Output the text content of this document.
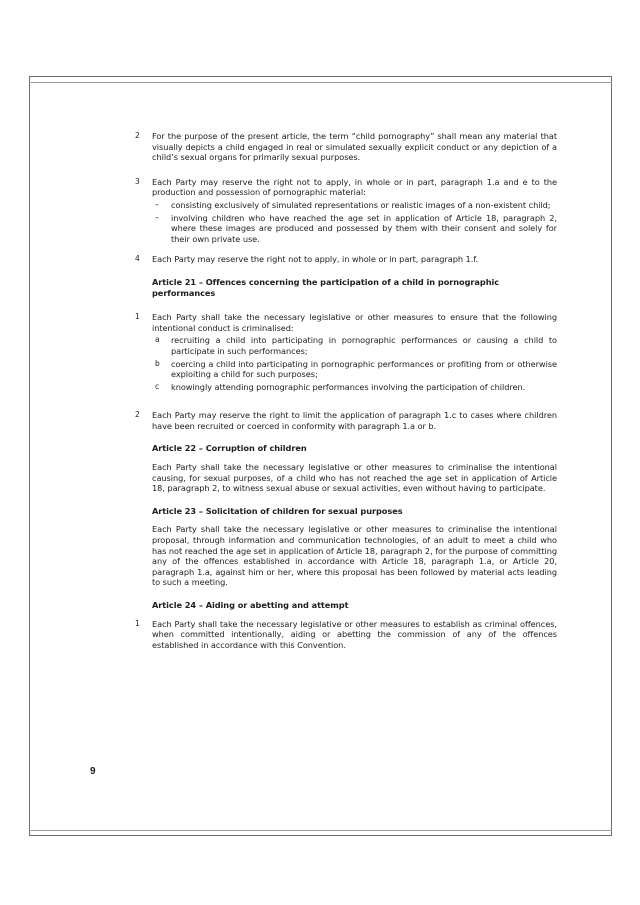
2 For the purpose of the present article, the term “child pornography” shall mean any material that visually depicts a child engaged in real or simulated sexually explicit conduct or any depiction of a child’s sexual organs for primarily sexual purposes.
3 Each Party may reserve the right not to apply, in whole or in part, paragraph 1.a and e to the production and possession of pornographic material:
– consisting exclusively of simulated representations or realistic images of a non-existent child;
– involving children who have reached the age set in application of Article 18, paragraph 2, where these images are produced and possessed by them with their consent and solely for their own private use.
4 Each Party may reserve the right not to apply, in whole or in part, paragraph 1.f.
Article 21 – Offences concerning the participation of a child in pornographic performances
1 Each Party shall take the necessary legislative or other measures to ensure that the following intentional conduct is criminalised:
a recruiting a child into participating in pornographic performances or causing a child to participate in such performances;
b coercing a child into participating in pornographic performances or profiting from or otherwise exploiting a child for such purposes;
c knowingly attending pornographic performances involving the participation of children.
2 Each Party may reserve the right to limit the application of paragraph 1.c to cases where children have been recruited or coerced in conformity with paragraph 1.a or b.
Article 22 – Corruption of children
Each Party shall take the necessary legislative or other measures to criminalise the intentional causing, for sexual purposes, of a child who has not reached the age set in application of Article 18, paragraph 2, to witness sexual abuse or sexual activities, even without having to participate.
Article 23 – Solicitation of children for sexual purposes
Each Party shall take the necessary legislative or other measures to criminalise the intentional proposal, through information and communication technologies, of an adult to meet a child who has not reached the age set in application of Article 18, paragraph 2, for the purpose of committing any of the offences established in accordance with Article 18, paragraph 1.a, or Article 20, paragraph 1.a, against him or her, where this proposal has been followed by material acts leading to such a meeting.
Article 24 – Aiding or abetting and attempt
1 Each Party shall take the necessary legislative or other measures to establish as criminal offences, when committed intentionally, aiding or abetting the commission of any of the offences established in accordance with this Convention.
9
